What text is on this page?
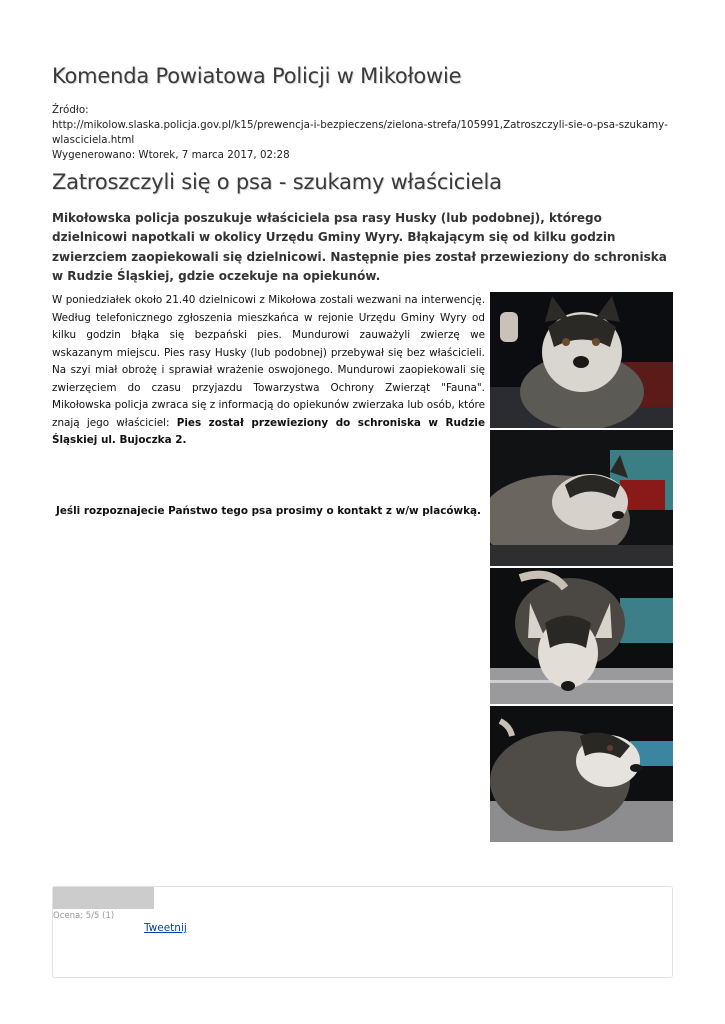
Komenda Powiatowa Policji w Mikołowie
Źródło:
http://mikolow.slaska.policja.gov.pl/k15/prewencja-i-bezpieczens/zielona-strefa/105991,Zatroszczyli-sie-o-psa-szukamy-wlasciciela.html
Wygenerowano: Wtorek, 7 marca 2017, 02:28
Zatroszczyli się o psa - szukamy właściciela
Mikołowska policja poszukuje właściciela psa rasy Husky (lub podobnej), którego dzielnicowi napotkali w okolicy Urzędu Gminy Wyry. Błąkającym się od kilku godzin zwierzciem zaopiekowali się dzielnicowi. Następnie pies został przewieziony do schroniska w Rudzie Śląskiej, gdzie oczekuje na opiekunów.
W poniedziałek około 21.40 dzielnicowi z Mikołowa zostali wezwani na interwencję. Według telefonicznego zgłoszenia mieszkańca w rejonie Urzędu Gminy Wyry od kilku godzin błąka się bezpański pies. Mundurowi zauważyli zwierzę we wskazanym miejscu. Pies rasy Husky (lub podobnej) przebywał się bez właścicieli. Na szyi miał obrożę i sprawiał wrażenie oswojonego. Mundurowi zaopiekowali się zwierzęciem do czasu przyjazdu Towarzystwa Ochrony Zwierząt "Fauna". Mikołowska policja zwraca się z informacją do opiekunów zwierzaka lub osób, które znają jego właściciel: Pies został przewieziony do schroniska w Rudzie Śląskiej ul. Bujoczka 2.
Jeśli rozpoznajecie Państwo tego psa prosimy o kontakt z w/w placówką.
Ocena: 5/5 (1)
Tweetnij
